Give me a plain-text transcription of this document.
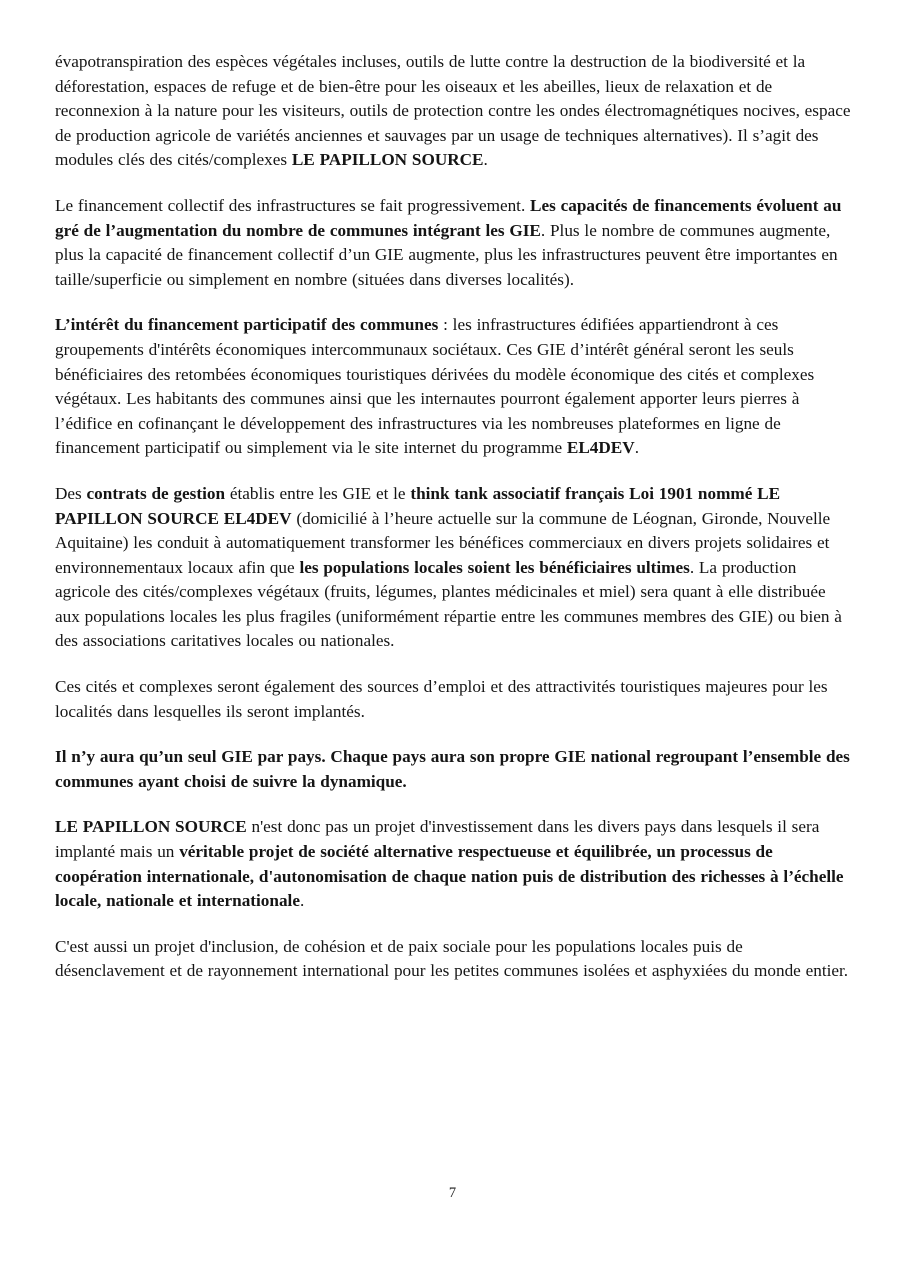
évapotranspiration des espèces végétales incluses, outils de lutte contre la destruction de la biodiversité et la déforestation, espaces de refuge et de bien-être pour les oiseaux et les abeilles, lieux de relaxation et de reconnexion à la nature pour les visiteurs, outils de protection contre les ondes électromagnétiques nocives, espace de production agricole de variétés anciennes et sauvages par un usage de techniques alternatives). Il s’agit des modules clés des cités/complexes LE PAPILLON SOURCE.

Le financement collectif des infrastructures se fait progressivement. Les capacités de financements évoluent au gré de l’augmentation du nombre de communes intégrant les GIE. Plus le nombre de communes augmente, plus la capacité de financement collectif d’un GIE augmente, plus les infrastructures peuvent être importantes en taille/superficie ou simplement en nombre (situées dans diverses localités).

L’intérêt du financement participatif des communes : les infrastructures édifiées appartiendront à ces groupements d'intérêts économiques intercommunaux sociétaux. Ces GIE d’intérêt général seront les seuls bénéficiaires des retombées économiques touristiques dérivées du modèle économique des cités et complexes végétaux. Les habitants des communes ainsi que les internautes pourront également apporter leurs pierres à l’édifice en cofinançant le développement des infrastructures via les nombreuses plateformes en ligne de financement participatif ou simplement via le site internet du programme EL4DEV.

Des contrats de gestion établis entre les GIE et le think tank associatif français Loi 1901 nommé LE PAPILLON SOURCE EL4DEV (domicilié à l’heure actuelle sur la commune de Léognan, Gironde, Nouvelle Aquitaine) les conduit à automatiquement transformer les bénéfices commerciaux en divers projets solidaires et environnementaux locaux afin que les populations locales soient les bénéficiaires ultimes. La production agricole des cités/complexes végétaux (fruits, légumes, plantes médicinales et miel) sera quant à elle distribuée aux populations locales les plus fragiles (uniformément répartie entre les communes membres des GIE) ou bien à des associations caritatives locales ou nationales.

Ces cités et complexes seront également des sources d’emploi et des attractivités touristiques majeures pour les localités dans lesquelles ils seront implantés.

Il n’y aura qu’un seul GIE par pays. Chaque pays aura son propre GIE national regroupant l’ensemble des communes ayant choisi de suivre la dynamique.

LE PAPILLON SOURCE n'est donc pas un projet d'investissement dans les divers pays dans lesquels il sera implanté mais un véritable projet de société alternative respectueuse et équilibrée, un processus de coopération internationale, d'autonomisation de chaque nation puis de distribution des richesses à l’échelle locale, nationale et internationale.

C'est aussi un projet d'inclusion, de cohésion et de paix sociale pour les populations locales puis de désenclavement et de rayonnement international pour les petites communes isolées et asphyxiées du monde entier.

7
